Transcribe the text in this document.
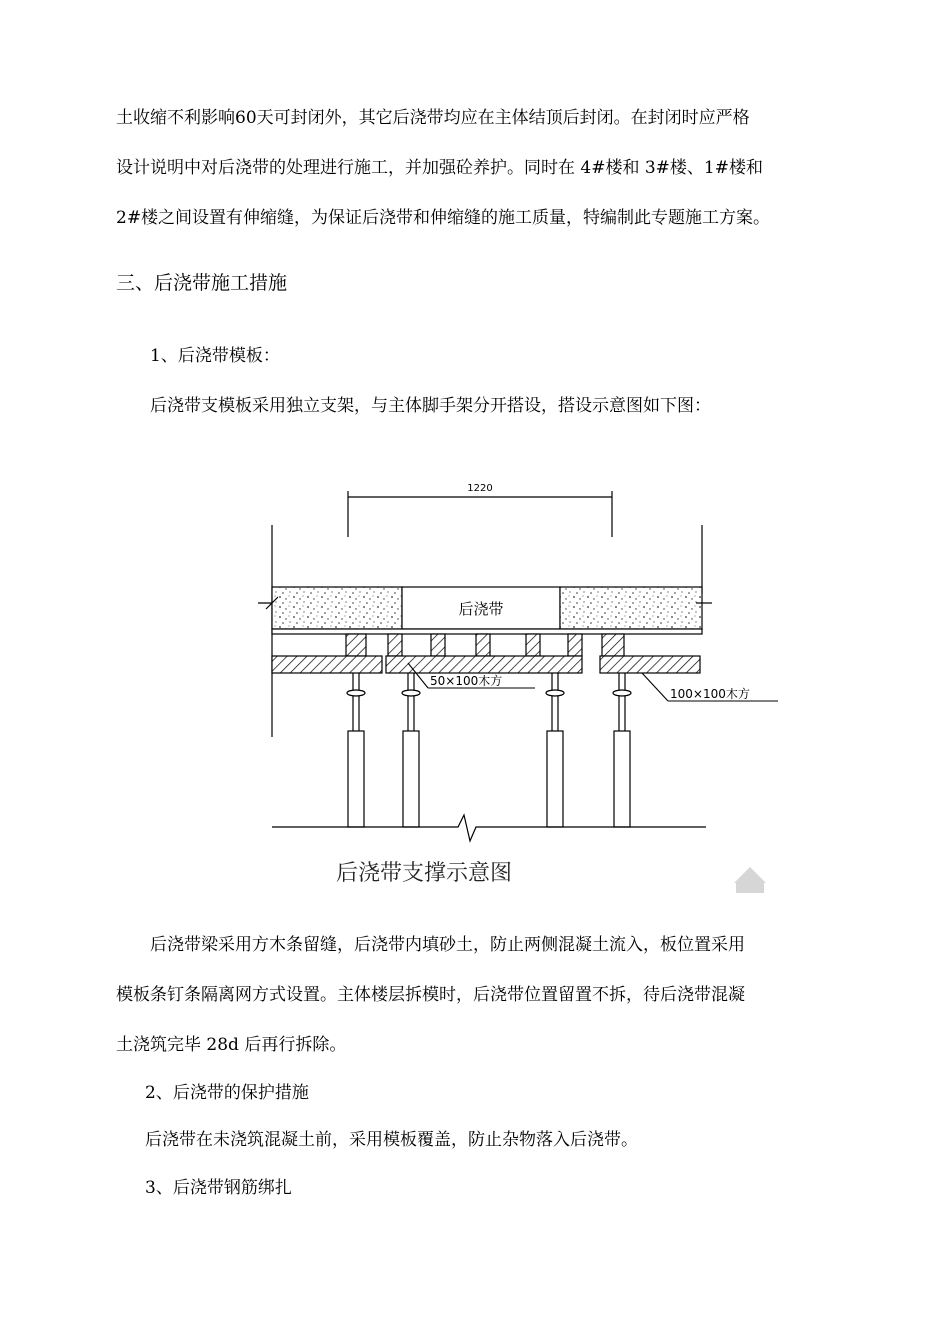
土收缩不利影响60天可封闭外，其它后浇带均应在主体结顶后封闭。在封闭时应严格
设计说明中对后浇带的处理进行施工，并加强砼养护。同时在 4#楼和 3#楼、1#楼和
2#楼之间设置有伸缩缝，为保证后浇带和伸缩缝的施工质量，特编制此专题施工方案。
三、后浇带施工措施
1、后浇带模板：
后浇带支模板采用独立支架，与主体脚手架分开搭设，搭设示意图如下图：
1220
后浇带
50×100木方
100×100木方
后浇带支撑示意图
后浇带梁采用方木条留缝，后浇带内填砂土，防止两侧混凝土流入，板位置采用
模板条钉条隔离网方式设置。主体楼层拆模时，后浇带位置留置不拆，待后浇带混凝
土浇筑完毕 28d 后再行拆除。
2、后浇带的保护措施
后浇带在未浇筑混凝土前，采用模板覆盖，防止杂物落入后浇带。
3、后浇带钢筋绑扎
